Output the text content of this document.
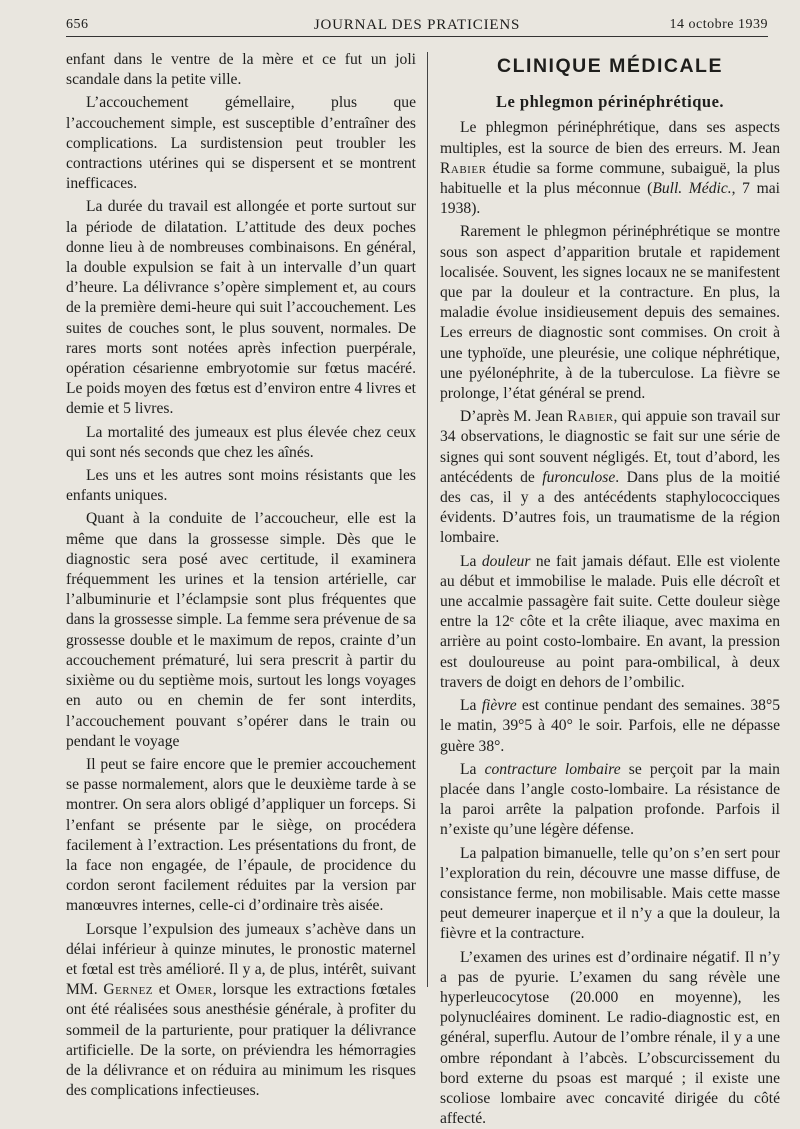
656	JOURNAL DES PRATICIENS	14 octobre 1939

enfant dans le ventre de la mère et ce fut un joli scandale dans la petite ville.

L’accouchement gémellaire, plus que l’accouchement simple, est susceptible d’entraîner des complications. La surdistension peut troubler les contractions utérines qui se dispersent et se montrent inefficaces.

La durée du travail est allongée et porte surtout sur la période de dilatation. L’attitude des deux poches donne lieu à de nombreuses combinaisons. En général, la double expulsion se fait à un intervalle d’un quart d’heure. La délivrance s’opère simplement et, au cours de la première demi-heure qui suit l’accouchement. Les suites de couches sont, le plus souvent, normales. De rares morts sont notées après infection puerpérale, opération césarienne embryotomie sur fœtus macéré. Le poids moyen des fœtus est d’environ entre 4 livres et demie et 5 livres.

La mortalité des jumeaux est plus élevée chez ceux qui sont nés seconds que chez les aînés.

Les uns et les autres sont moins résistants que les enfants uniques.

Quant à la conduite de l’accoucheur, elle est la même que dans la grossesse simple. Dès que le diagnostic sera posé avec certitude, il examinera fréquemment les urines et la tension artérielle, car l’albuminurie et l’éclampsie sont plus fréquentes que dans la grossesse simple. La femme sera prévenue de sa grossesse double et le maximum de repos, crainte d’un accouchement prématuré, lui sera prescrit à partir du sixième ou du septième mois, surtout les longs voyages en auto ou en chemin de fer sont interdits, l’accouchement pouvant s’opérer dans le train ou pendant le voyage

Il peut se faire encore que le premier accouchement se passe normalement, alors que le deuxième tarde à se montrer. On sera alors obligé d’appliquer un forceps. Si l’enfant se présente par le siège, on procédera facilement à l’extraction. Les présentations du front, de la face non engagée, de l’épaule, de procidence du cordon seront facilement réduites par la version par manœuvres internes, celle-ci d’ordinaire très aisée.

Lorsque l’expulsion des jumeaux s’achève dans un délai inférieur à quinze minutes, le pronostic maternel et fœtal est très amélioré. Il y a, de plus, intérêt, suivant MM. Gernez et Omer, lorsque les extractions fœtales ont été réalisées sous anesthésie générale, à profiter du sommeil de la parturiente, pour pratiquer la délivrance artificielle. De la sorte, on préviendra les hémorragies de la délivrance et on réduira au minimum les risques des complications infectieuses.

CLINIQUE MÉDICALE
Le phlegmon périnéphrétique.

Le phlegmon périnéphrétique, dans ses aspects multiples, est la source de bien des erreurs. M. Jean Rabier étudie sa forme commune, subaiguë, la plus habituelle et la plus méconnue (Bull. Médic., 7 mai 1938).

Rarement le phlegmon périnéphrétique se montre sous son aspect d’apparition brutale et rapidement localisée. Souvent, les signes locaux ne se manifestent que par la douleur et la contracture. En plus, la maladie évolue insidieusement depuis des semaines. Les erreurs de diagnostic sont commises. On croit à une typhoïde, une pleurésie, une colique néphrétique, une pyélonéphrite, à de la tuberculose. La fièvre se prolonge, l’état général se prend.

D’après M. Jean Rabier, qui appuie son travail sur 34 observations, le diagnostic se fait sur une série de signes qui sont souvent négligés. Et, tout d’abord, les antécédents de furonculose. Dans plus de la moitié des cas, il y a des antécédents staphylococciques évidents. D’autres fois, un traumatisme de la région lombaire.

La douleur ne fait jamais défaut. Elle est violente au début et immobilise le malade. Puis elle décroît et une accalmie passagère fait suite. Cette douleur siège entre la 12ᵉ côte et la crête iliaque, avec maxima en arrière au point costo-lombaire. En avant, la pression est douloureuse au point para-ombilical, à deux travers de doigt en dehors de l’ombilic.

La fièvre est continue pendant des semaines. 38°5 le matin, 39°5 à 40° le soir. Parfois, elle ne dépasse guère 38°.

La contracture lombaire se perçoit par la main placée dans l’angle costo-lombaire. La résistance de la paroi arrête la palpation profonde. Parfois il n’existe qu’une légère défense.

La palpation bimanuelle, telle qu’on s’en sert pour l’exploration du rein, découvre une masse diffuse, de consistance ferme, non mobilisable. Mais cette masse peut demeurer inaperçue et il n’y a que la douleur, la fièvre et la contracture.

L’examen des urines est d’ordinaire négatif. Il n’y a pas de pyurie. L’examen du sang révèle une hyperleucocytose (20.000 en moyenne), les polynucléaires dominent. Le radio-diagnostic est, en général, superflu. Autour de l’ombre rénale, il y a une ombre répondant à l’abcès. L’obscurcissement du bord externe du psoas est marqué ; il existe une scoliose lombaire avec concavité dirigée du côté affecté.
